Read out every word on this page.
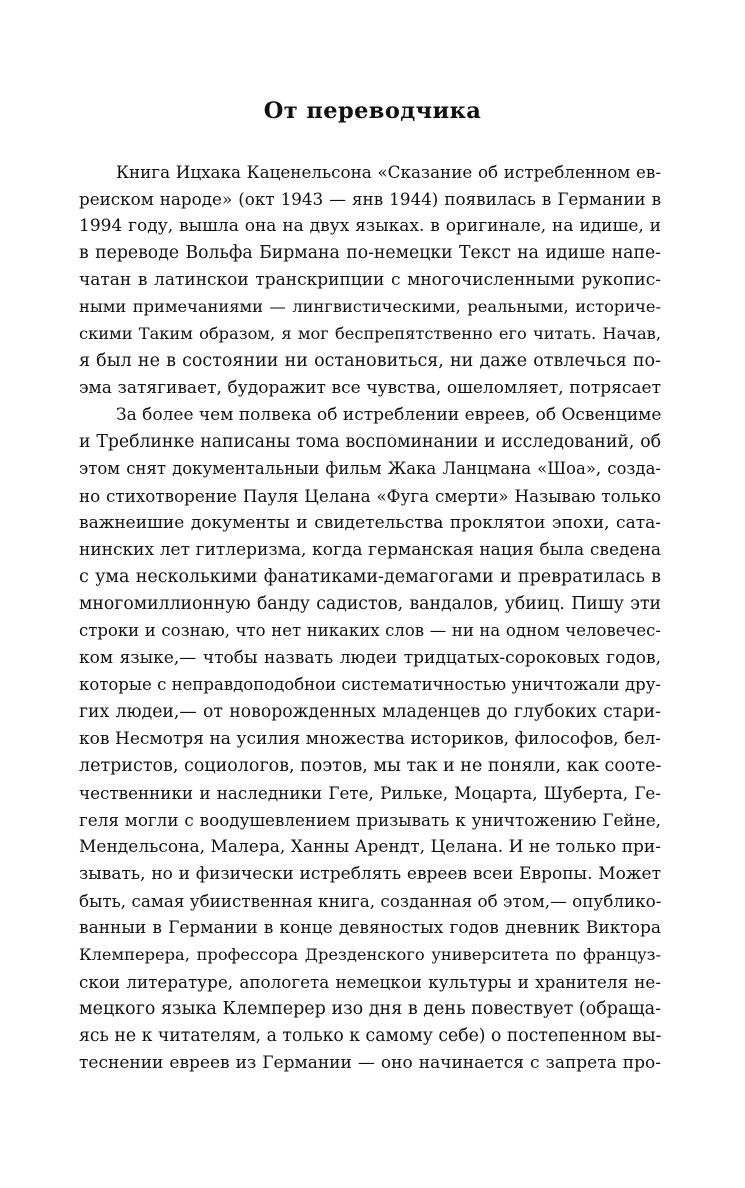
От переводчика
Книга Ицхака Каценельсона «Сказание об истребленном ев-
реиском народе» (окт 1943 — янв 1944) появилась в Германии в
1994 году, вышла она на двух языках. в оригинале, на идише, и
в переводе Вольфа Бирмана по-немецки Текст на идише напе-
чатан в латинскои транскрипции с многочисленными рукопис-
ными примечаниями — лингвистическими, реальными, историче-
скими Таким образом, я мог беспрепятственно его читать. Начав,
я был не в состоянии ни остановиться, ни даже отвлечься по-
эма затягивает, будоражит все чувства, ошеломляет, потрясает
За более чем полвека об истреблении евреев, об Освенциме
и Треблинке написаны тома воспоминании и исследований, об
этом снят документальныи фильм Жака Ланцмана «Шоа», созда-
но стихотворение Пауля Целана «Фуга смерти» Называю только
важнеишие документы и свидетельства проклятои эпохи, сата-
нинских лет гитлеризма, когда германская нация была сведена
с ума несколькими фанатиками-демагогами и превратилась в
многомиллионную банду садистов, вандалов, убииц. Пишу эти
строки и сознаю, что нет никаких слов — ни на одном человечес-
ком языке,— чтобы назвать людеи тридцатых-сороковых годов,
которые с неправдоподобнои систематичностью уничтожали дру-
гих людеи,— от новорожденных младенцев до глубоких стари-
ков Несмотря на усилия множества историков, философов, бел-
летристов, социологов, поэтов, мы так и не поняли, как сооте-
чественники и наследники Гете, Рильке, Моцарта, Шуберта, Ге-
геля могли с воодушевлением призывать к уничтожению Гейне,
Мендельсона, Малера, Ханны Арендт, Целана. И не только при-
зывать, но и физически истреблять евреев всеи Европы. Может
быть, самая убииственная книга, созданная об этом,— опублико-
ванныи в Германии в конце девяностых годов дневник Виктора
Клемперера, профессора Дрезденского университета по француз-
скои литературе, апологета немецкои культуры и хранителя не-
мецкого языка Клемперер изо дня в день повествует (обраща-
ясь не к читателям, а только к самому себе) о постепенном вы-
теснении евреев из Германии — оно начинается с запрета про-
